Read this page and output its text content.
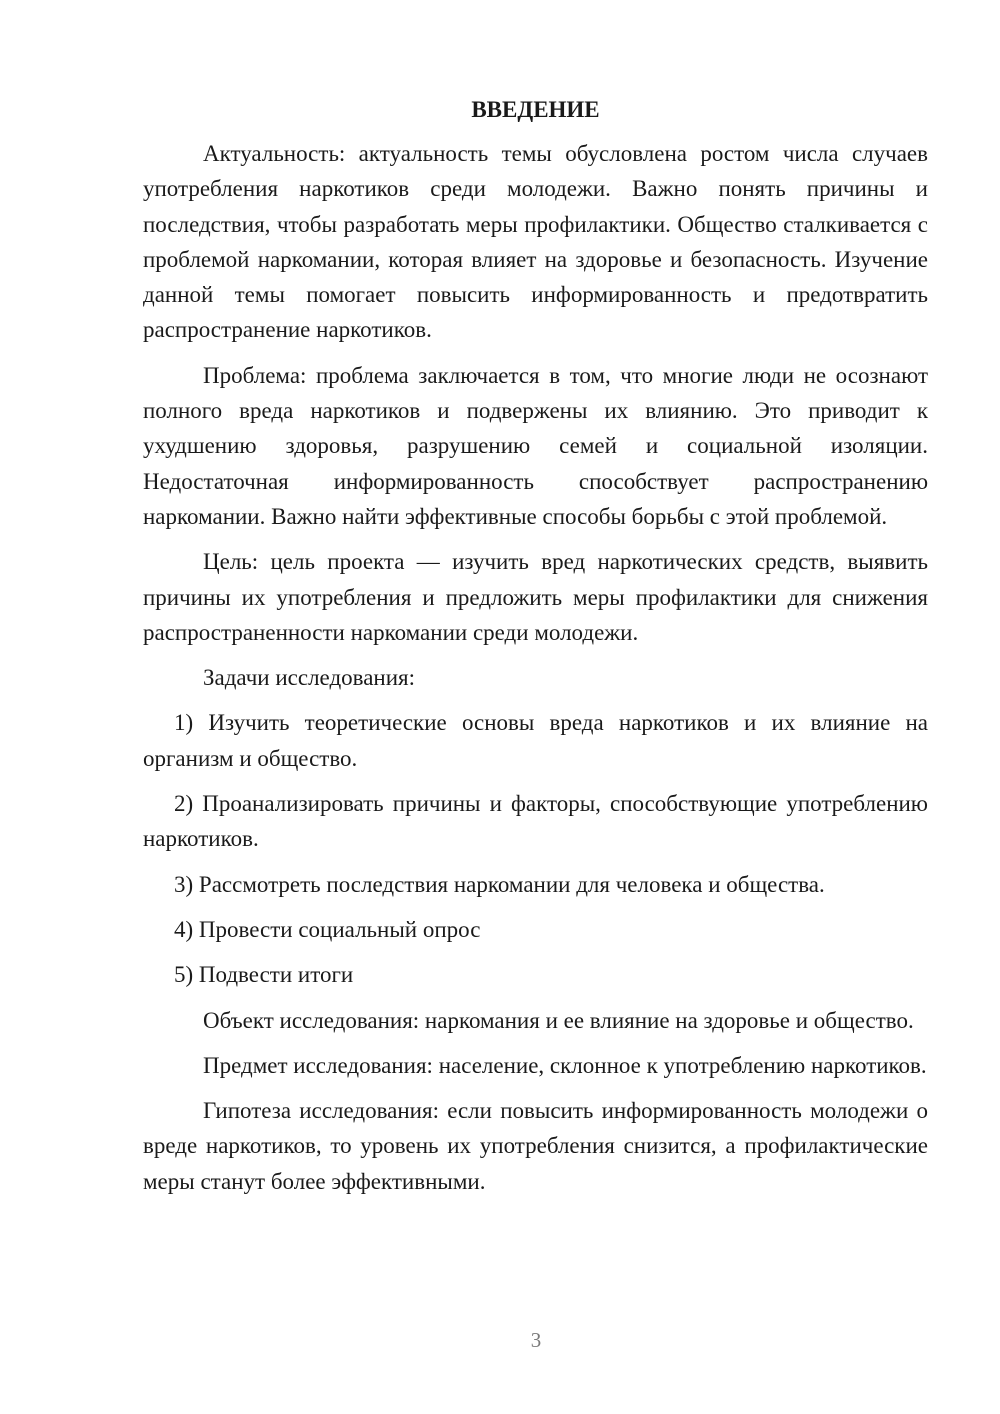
ВВЕДЕНИЕ

Актуальность: актуальность темы обусловлена ростом числа случаев употребления наркотиков среди молодежи. Важно понять причины и последствия, чтобы разработать меры профилактики. Общество сталкивается с проблемой наркомании, которая влияет на здоровье и безопасность. Изучение данной темы помогает повысить информированность и предотвратить распространение наркотиков.

Проблема: проблема заключается в том, что многие люди не осознают полного вреда наркотиков и подвержены их влиянию. Это приводит к ухудшению здоровья, разрушению семей и социальной изоляции. Недостаточная информированность способствует распространению наркомании. Важно найти эффективные способы борьбы с этой проблемой.

Цель: цель проекта — изучить вред наркотических средств, выявить причины их употребления и предложить меры профилактики для снижения распространенности наркомании среди молодежи.

Задачи исследования:

1) Изучить теоретические основы вреда наркотиков и их влияние на организм и общество.

2) Проанализировать причины и факторы, способствующие употреблению наркотиков.

3) Рассмотреть последствия наркомании для человека и общества.

4) Провести социальный опрос

5) Подвести итоги

Объект исследования: наркомания и ее влияние на здоровье и общество.

Предмет исследования: население, склонное к употреблению наркотиков.

Гипотеза исследования: если повысить информированность молодежи о вреде наркотиков, то уровень их употребления снизится, а профилактические меры станут более эффективными.

3
